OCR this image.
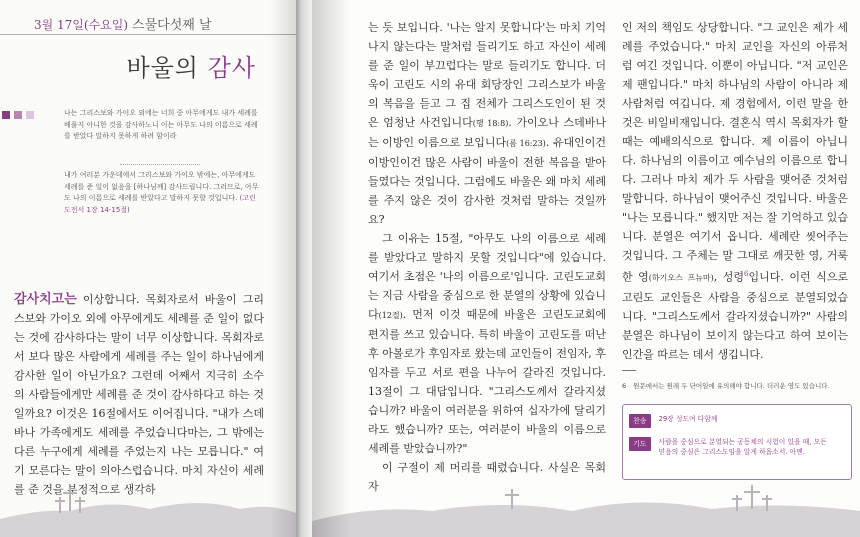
3월 17일(수요일) 스물다섯째 날
바울의 감사
나는 그리스보와 가이오 외에는 너희 중 아무에게도 내가 세례를 베풀지 아니한 것을 감사하노니 이는 아무도 나의 이름으로 세례를 받았다 말하지 못하게 하려 함이라
내가 여러분 가운데에서 그리스보와 가이오 밖에는, 아무에게도 세례를 준 일이 없음을 [하나님께] 감사드립니다. 그러므로, 아무도 나의 이름으로 세례를 받았다고 말하지 못할 것입니다. (고린도전서 1장 14-15절)
감사치고는 이상합니다. 목회자로서 바울이 그리스보와 가이오 외에 아무에게도 세례를 준 일이 없다는 것에 감사하다는 말이 너무 이상합니다. 목회자로서 보다 많은 사람에게 세례를 주는 일이 하나님에게 감사한 일이 아닌가요? 그런데 어째서 지극히 소수의 사람들에게만 세례를 준 것이 감사하다고 하는 것일까요? 이것은 16절에서도 이어집니다. "내가 스데바나 가족에게도 세례를 주었습니다마는, 그 밖에는 다른 누구에게 세례를 주었는지 나는 모릅니다." 여기 모른다는 말이 의아스럽습니다. 마치 자신이 세례를 준 것을 부정적으로 생각하
는 듯 보입니다. '나는 알지 못합니다'는 마치 기억나지 않는다는 말처럼 들리기도 하고 자신이 세례를 준 일이 부끄럽다는 말로 들리기도 합니다. 더욱이 고린도 시의 유대 회당장인 그리스보가 바울의 복음을 듣고 그 집 전체가 그리스도인이 된 것은 엄청난 사건입니다(행 18:8). 가이오나 스데바나는 이방인 이름으로 보입니다(롬 16:23). 유대인이건 이방인이건 많은 사람이 바울이 전한 복음을 받아들였다는 것입니다. 그럼에도 바울은 왜 마치 세례를 주지 않은 것이 감사한 것처럼 말하는 것일까요?
그 이유는 15절, "아무도 나의 이름으로 세례를 받았다고 말하지 못할 것입니다"에 있습니다. 여기서 초점은 '나의 이름으로'입니다. 고린도교회는 지금 사람을 중심으로 한 분열의 상황에 있습니다(12절). 먼저 이것 때문에 바울은 고린도교회에 편지를 쓰고 있습니다. 특히 바울이 고린도를 떠난 후 아볼로가 후임자로 왔는데 교인들이 전임자, 후임자를 두고 서로 편을 나누어 갈라진 것입니다. 13절이 그 대답입니다. "그리스도께서 갈라지셨습니까? 바울이 여러분을 위하여 십자가에 달리기라도 했습니까? 또는, 여러분이 바울의 이름으로 세례를 받았습니까?"
이 구절이 제 머리를 때렸습니다. 사실은 목회자
인 저의 책임도 상당합니다. "그 교인은 제가 세례를 주었습니다." 마치 교인을 자신의 아류처럼 여긴 것입니다. 이뿐이 아닙니다. "저 교인은 제 팬입니다." 마치 하나님의 사람이 아니라 제 사람처럼 여깁니다. 제 경험에서, 이런 말을 한 것은 비일비재입니다. 결혼식 역시 목회자가 할 때는 예배의식으로 합니다. 제 이름이 아닙니다. 하나님의 이름이고 예수님의 이름으로 합니다. 그러나 마치 제가 두 사람을 맺어준 것처럼 말합니다. 하나님이 맺어주신 것입니다. 바울은 "나는 모릅니다." 했지만 저는 잘 기억하고 있습니다. 분열은 여기서 옵니다. 세례란 씻어주는 것입니다. 그 주체는 말 그대로 깨끗한 영, 거룩한 영(하기오스 프뉴마), 성령$^6$입니다. 이런 식으로 고린도 교인들은 사람을 중심으로 분열되었습니다. "그리스도께서 갈라지셨습니까?" 사람의 분열은 하나님이 보이지 않는다고 하여 보이는 인간을 따르는 데서 생깁니다.
6 원문에서는 원래 두 단어임에 유의해야 합니다. 더러운 영도 있습니다.
찬송	29장 성도여 다함께
기도	사람을 중심으로 분열되는 공동체의 시험이 있을 때, 모든 믿음의 중심은 그리스도임을 알게 하옵소서. 아멘.
